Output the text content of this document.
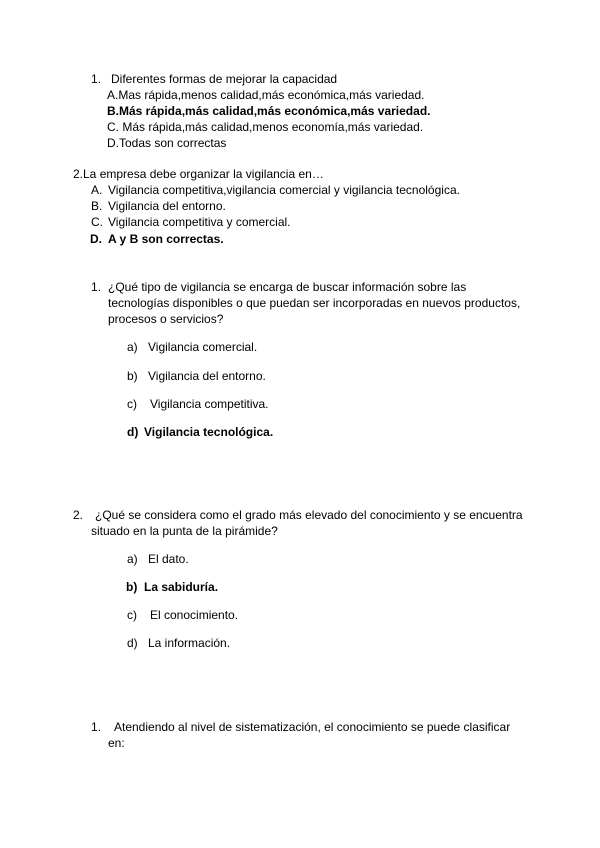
1. Diferentes formas de mejorar la capacidad
A.Mas rápida,menos calidad,más económica,más variedad.
B.Más rápida,más calidad,más económica,más variedad.
C. Más rápida,más calidad,menos economía,más variedad.
D.Todas son correctas
2.La empresa debe organizar la vigilancia en…
A. Vigilancia competitiva,vigilancia comercial y vigilancia tecnológica.
B. Vigilancia del entorno.
C. Vigilancia competitiva y comercial.
D. A y B son correctas.
1. ¿Qué tipo de vigilancia se encarga de buscar información sobre las
tecnologías disponibles o que puedan ser incorporadas en nuevos productos,
procesos o servicios?
a) Vigilancia comercial.
b) Vigilancia del entorno.
c) Vigilancia competitiva.
d) Vigilancia tecnológica.
2. ¿Qué se considera como el grado más elevado del conocimiento y se encuentra
situado en la punta de la pirámide?
a) El dato.
b) La sabiduría.
c) El conocimiento.
d) La información.
1. Atendiendo al nivel de sistematización, el conocimiento se puede clasificar
en:
